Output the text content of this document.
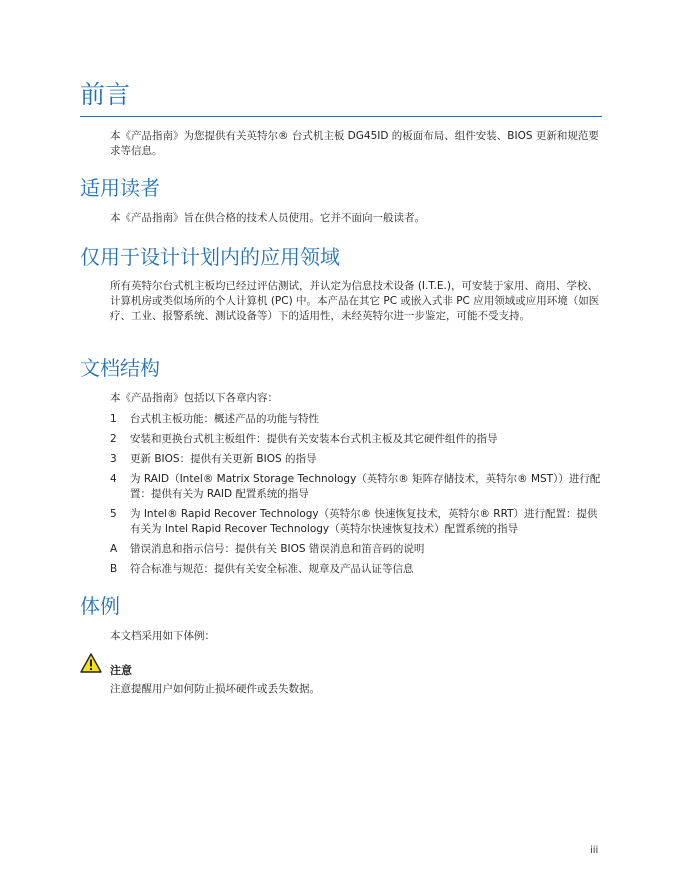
前言

本《产品指南》为您提供有关英特尔® 台式机主板 DG45ID 的板面布局、组件安装、BIOS 更新和规范要求等信息。

适用读者

本《产品指南》旨在供合格的技术人员使用。它并不面向一般读者。

仅用于设计计划内的应用领域

所有英特尔台式机主板均已经过评估测试，并认定为信息技术设备 (I.T.E.)，可安装于家用、商用、学校、计算机房或类似场所的个人计算机 (PC) 中。本产品在其它 PC 或嵌入式非 PC 应用领域或应用环境（如医疗、工业、报警系统、测试设备等）下的适用性，未经英特尔进一步鉴定，可能不受支持。

文档结构

本《产品指南》包括以下各章内容：

1 台式机主板功能：概述产品的功能与特性
2 安装和更换台式机主板组件：提供有关安装本台式机主板及其它硬件组件的指导
3 更新 BIOS：提供有关更新 BIOS 的指导
4 为 RAID（Intel® Matrix Storage Technology（英特尔® 矩阵存储技术，英特尔® MST））进行配置：提供有关为 RAID 配置系统的指导
5 为 Intel® Rapid Recover Technology（英特尔® 快速恢复技术，英特尔® RRT）进行配置：提供有关为 Intel Rapid Recover Technology（英特尔快速恢复技术）配置系统的指导
A 错误消息和指示信号：提供有关 BIOS 错误消息和笛音码的说明
B 符合标准与规范：提供有关安全标准、规章及产品认证等信息
体例

本文档采用如下体例：

注意

注意提醒用户如何防止损坏硬件或丢失数据。

iii
